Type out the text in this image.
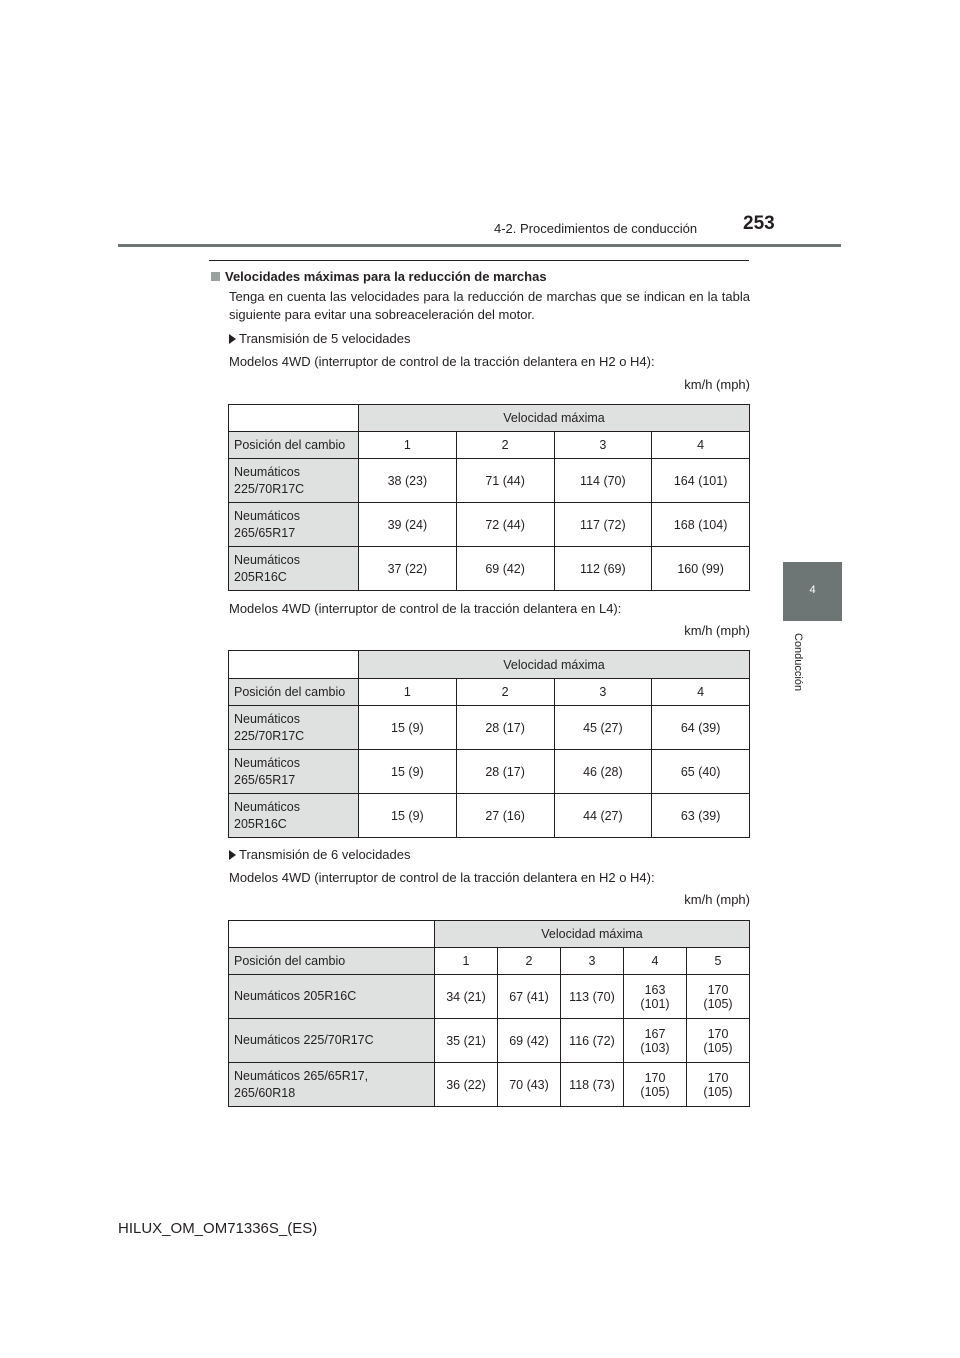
4-2. Procedimientos de conducción 253
4
Conducción
Velocidades máximas para la reducción de marchas
Tenga en cuenta las velocidades para la reducción de marchas que se indican en la tabla siguiente para evitar una sobreaceleración del motor.
Transmisión de 5 velocidades
Modelos 4WD (interruptor de control de la tracción delantera en H2 o H4):
km/h (mph)
	Velocidad máxima			
Posición del cambio	1	2	3	4
Neumáticos 225/70R17C	38 (23)	71 (44)	114 (70)	164 (101)
Neumáticos 265/65R17	39 (24)	72 (44)	117 (72)	168 (104)
Neumáticos 205R16C	37 (22)	69 (42)	112 (69)	160 (99)
Modelos 4WD (interruptor de control de la tracción delantera en L4):
km/h (mph)
	Velocidad máxima			
Posición del cambio	1	2	3	4
Neumáticos 225/70R17C	15 (9)	28 (17)	45 (27)	64 (39)
Neumáticos 265/65R17	15 (9)	28 (17)	46 (28)	65 (40)
Neumáticos 205R16C	15 (9)	27 (16)	44 (27)	63 (39)
Transmisión de 6 velocidades
Modelos 4WD (interruptor de control de la tracción delantera en H2 o H4):
km/h (mph)
	Velocidad máxima				
Posición del cambio	1	2	3	4	5
Neumáticos 205R16C	34 (21)	67 (41)	113 (70)	163 (101)	170 (105)
Neumáticos 225/70R17C	35 (21)	69 (42)	116 (72)	167 (103)	170 (105)
Neumáticos 265/65R17, 265/60R18	36 (22)	70 (43)	118 (73)	170 (105)	170 (105)
HILUX_OM_OM71336S_(ES)
